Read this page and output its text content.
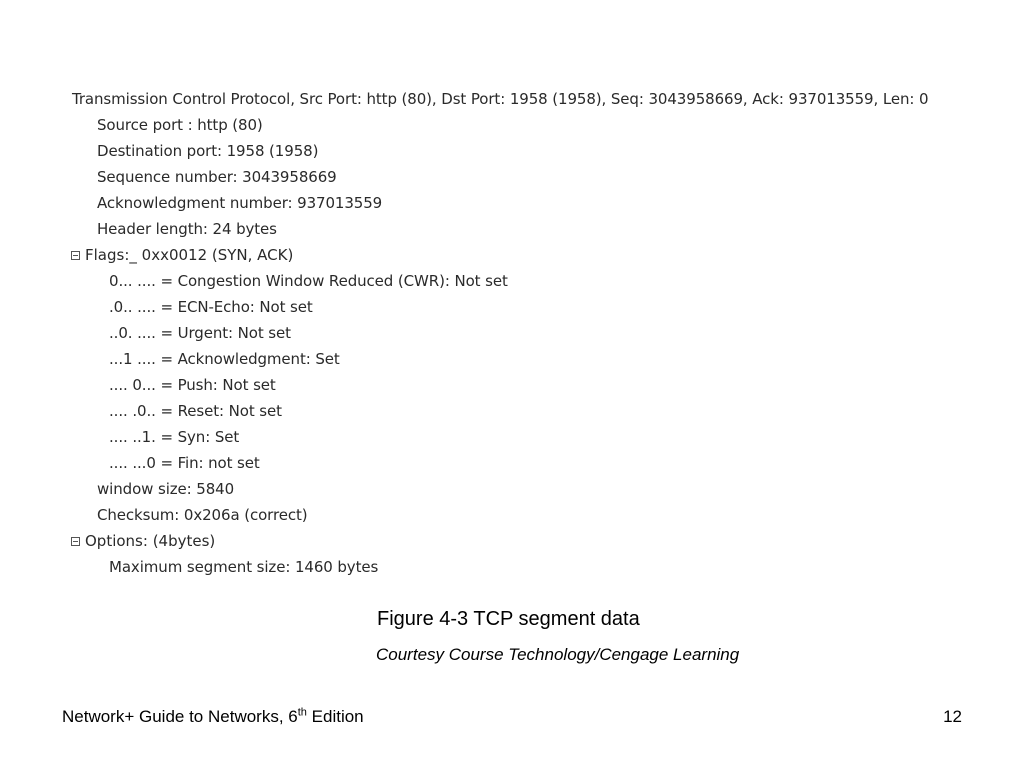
Transmission Control Protocol, Src Port: http (80), Dst Port: 1958 (1958), Seq: 3043958669, Ack: 937013559, Len: 0
Source port : http (80)
Destination port: 1958 (1958)
Sequence number: 3043958669
Acknowledgment number: 937013559
Header length: 24 bytes
Flags:_ 0xx0012 (SYN, ACK)
0... .... = Congestion Window Reduced (CWR): Not set
.0.. .... = ECN-Echo: Not set
..0. .... = Urgent: Not set
...1 .... = Acknowledgment: Set
.... 0... = Push: Not set
.... .0.. = Reset: Not set
.... ..1. = Syn: Set
.... ...0 = Fin: not set
window size: 5840
Checksum: 0x206a (correct)
Options: (4bytes)
Maximum segment size: 1460 bytes
Figure 4-3 TCP segment data
Courtesy Course Technology/Cengage Learning
Network+ Guide to Networks, 6th Edition	12
